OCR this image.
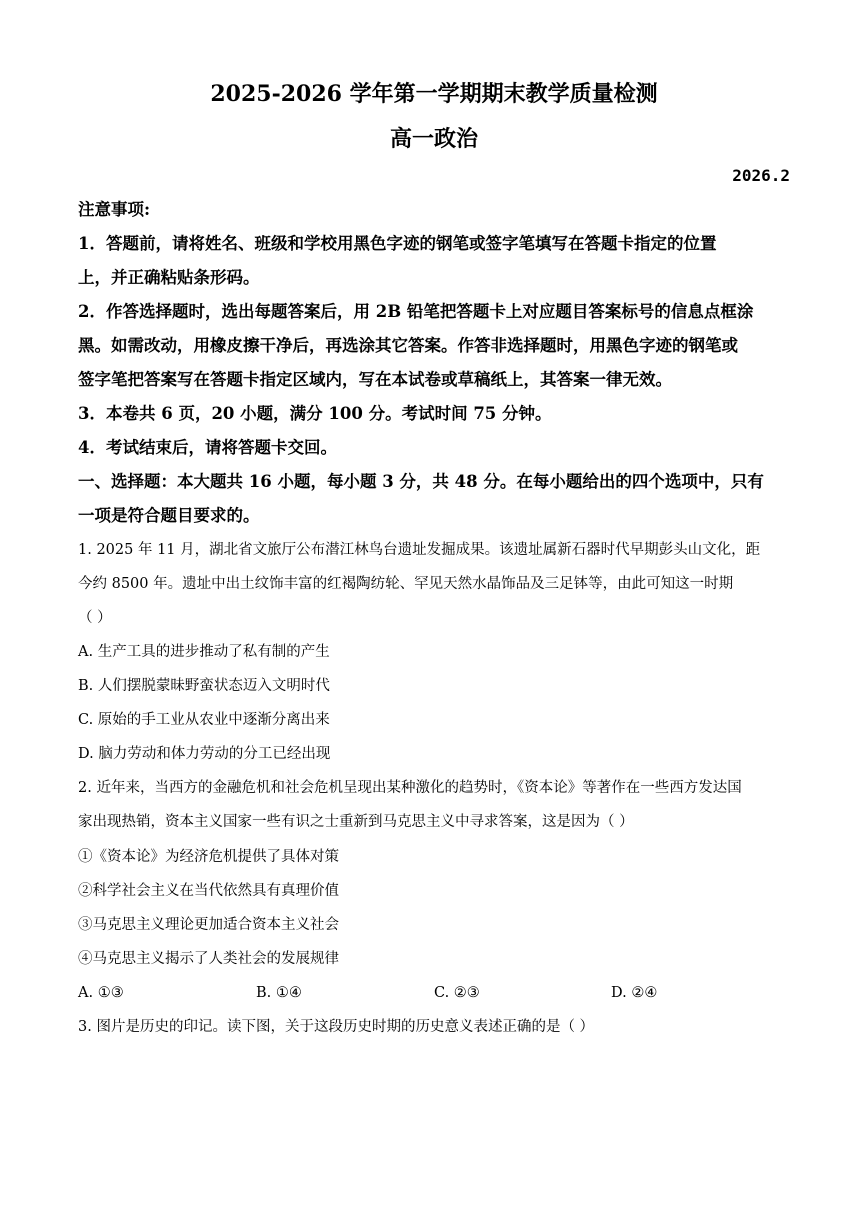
2025-2026 学年第一学期期末教学质量检测
高一政治
2026.2
注意事项:
1．答题前，请将姓名、班级和学校用黑色字迹的钢笔或签字笔填写在答题卡指定的位置
上，并正确粘贴条形码。
2．作答选择题时，选出每题答案后，用 2B 铅笔把答题卡上对应题目答案标号的信息点框涂
黑。如需改动，用橡皮擦干净后，再选涂其它答案。作答非选择题时，用黑色字迹的钢笔或
签字笔把答案写在答题卡指定区域内，写在本试卷或草稿纸上，其答案一律无效。
3．本卷共 6 页，20 小题，满分 100 分。考试时间 75 分钟。
4．考试结束后，请将答题卡交回。
一、选择题：本大题共 16 小题，每小题 3 分，共 48 分。在每小题给出的四个选项中，只有
一项是符合题目要求的。
1. 2025 年 11 月，湖北省文旅厅公布潜江林鸟台遗址发掘成果。该遗址属新石器时代早期彭头山文化，距
今约 8500 年。遗址中出土纹饰丰富的红褐陶纺轮、罕见天然水晶饰品及三足钵等，由此可知这一时期
（ ）
A. 生产工具的进步推动了私有制的产生
B. 人们摆脱蒙昧野蛮状态迈入文明时代
C. 原始的手工业从农业中逐渐分离出来
D. 脑力劳动和体力劳动的分工已经出现
2. 近年来，当西方的金融危机和社会危机呈现出某种激化的趋势时，《资本论》等著作在一些西方发达国
家出现热销，资本主义国家一些有识之士重新到马克思主义中寻求答案，这是因为（ ）
①《资本论》为经济危机提供了具体对策
②科学社会主义在当代依然具有真理价值
③马克思主义理论更加适合资本主义社会
④马克思主义揭示了人类社会的发展规律
A. ①③	B. ①④	C. ②③	D. ②④
3. 图片是历史的印记。读下图，关于这段历史时期的历史意义表述正确的是（ ）
